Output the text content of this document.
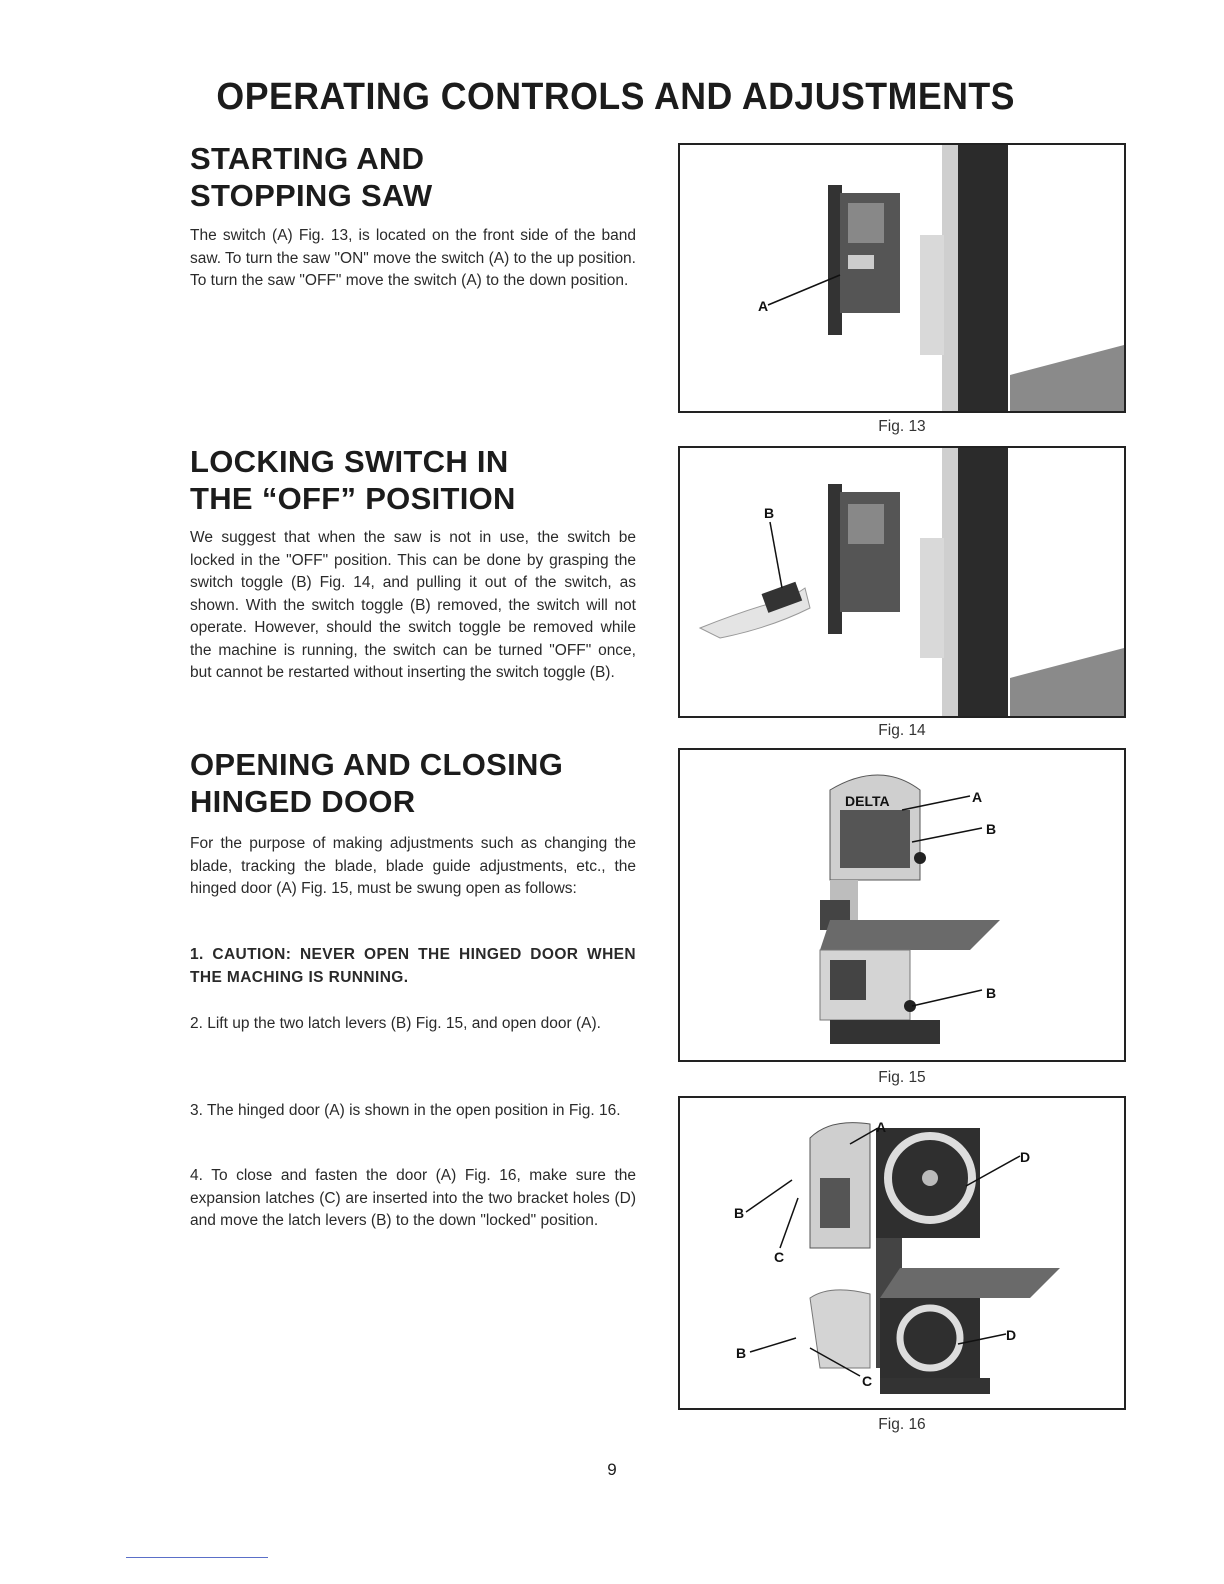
OPERATING CONTROLS AND ADJUSTMENTS
STARTING AND
STOPPING SAW

The switch (A) Fig. 13, is located on the front side of the band saw. To turn the saw "ON" move the switch (A) to the up position. To turn the saw "OFF" move the switch (A) to the down position.

LOCKING SWITCH IN
THE “OFF” POSITION

We suggest that when the saw is not in use, the switch be locked in the "OFF" position. This can be done by grasping the switch toggle (B) Fig. 14, and pulling it out of the switch, as shown. With the switch toggle (B) removed, the switch will not operate. However, should the switch toggle be removed while the machine is running, the switch can be turned "OFF" once, but cannot be restarted without inserting the switch toggle (B).

OPENING AND CLOSING
HINGED DOOR

For the purpose of making adjustments such as changing the blade, tracking the blade, blade guide adjustments, etc., the hinged door (A) Fig. 15, must be swung open as follows:

1. CAUTION: NEVER OPEN THE HINGED DOOR WHEN THE MACHING IS RUNNING.

2. Lift up the two latch levers (B) Fig. 15, and open door (A).

3. The hinged door (A) is shown in the open position in Fig. 16.

4. To close and fasten the door (A) Fig. 16, make sure the expansion latches (C) are inserted into the two bracket holes (D) and move the latch levers (B) to the down "locked" position.

A

Fig. 13

B

Fig. 14

DELTA	A
B
B

Fig. 15

A
D
B
C
B
C
D

Fig. 16

9
